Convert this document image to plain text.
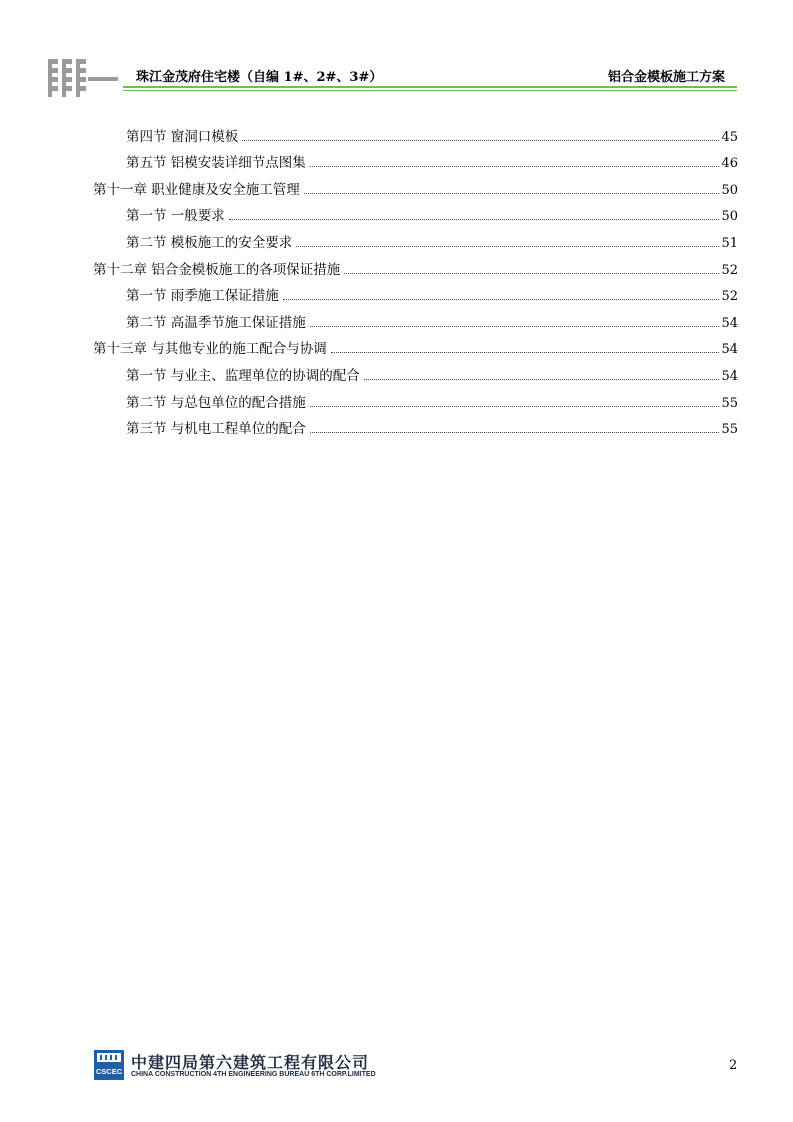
珠江金茂府住宅楼（自编 1#、2#、3#）	铝合金模板施工方案
第四节 窗洞口模板	45
第五节 铝模安装详细节点图集	46
第十一章 职业健康及安全施工管理	50
第一节 一般要求	50
第二节 模板施工的安全要求	51
第十二章 铝合金模板施工的各项保证措施	52
第一节 雨季施工保证措施	52
第二节 高温季节施工保证措施	54
第十三章 与其他专业的施工配合与协调	54
第一节 与业主、监理单位的协调的配合	54
第二节 与总包单位的配合措施	55
第三节 与机电工程单位的配合	55
CSCEC 中建四局第六建筑工程有限公司
CHINA CONSTRUCTION 4TH ENGINEERING BUREAU 6TH CORP.LIMITED
2
